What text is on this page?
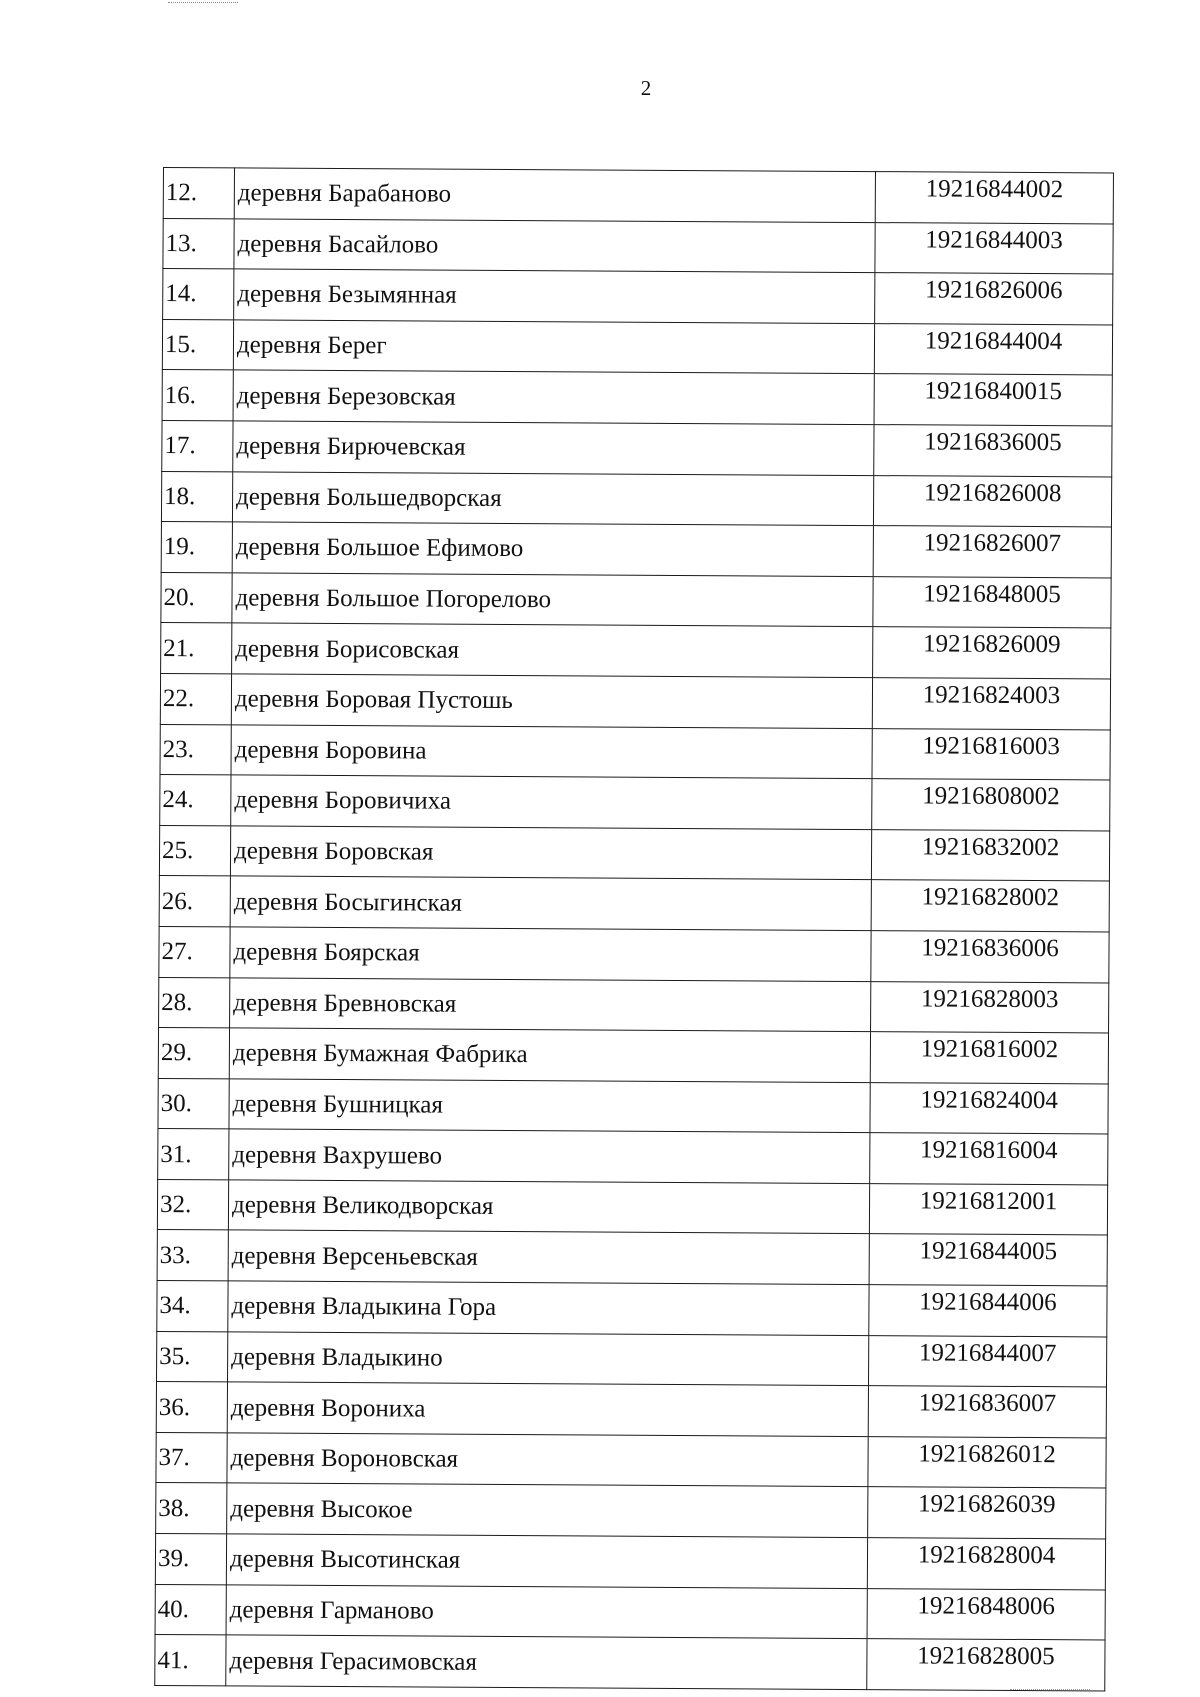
2
12.	деревня Барабаново	19216844002
13.	деревня Басайлово	19216844003
14.	деревня Безымянная	19216826006
15.	деревня Берег	19216844004
16.	деревня Березовская	19216840015
17.	деревня Бирючевская	19216836005
18.	деревня Большедворская	19216826008
19.	деревня Большое Ефимово	19216826007
20.	деревня Большое Погорелово	19216848005
21.	деревня Борисовская	19216826009
22.	деревня Боровая Пустошь	19216824003
23.	деревня Боровина	19216816003
24.	деревня Боровичиха	19216808002
25.	деревня Боровская	19216832002
26.	деревня Босыгинская	19216828002
27.	деревня Боярская	19216836006
28.	деревня Бревновская	19216828003
29.	деревня Бумажная Фабрика	19216816002
30.	деревня Бушницкая	19216824004
31.	деревня Вахрушево	19216816004
32.	деревня Великодворская	19216812001
33.	деревня Версеньевская	19216844005
34.	деревня Владыкина Гора	19216844006
35.	деревня Владыкино	19216844007
36.	деревня Ворониха	19216836007
37.	деревня Вороновская	19216826012
38.	деревня Высокое	19216826039
39.	деревня Высотинская	19216828004
40.	деревня Гарманово	19216848006
41.	деревня Герасимовская	19216828005
